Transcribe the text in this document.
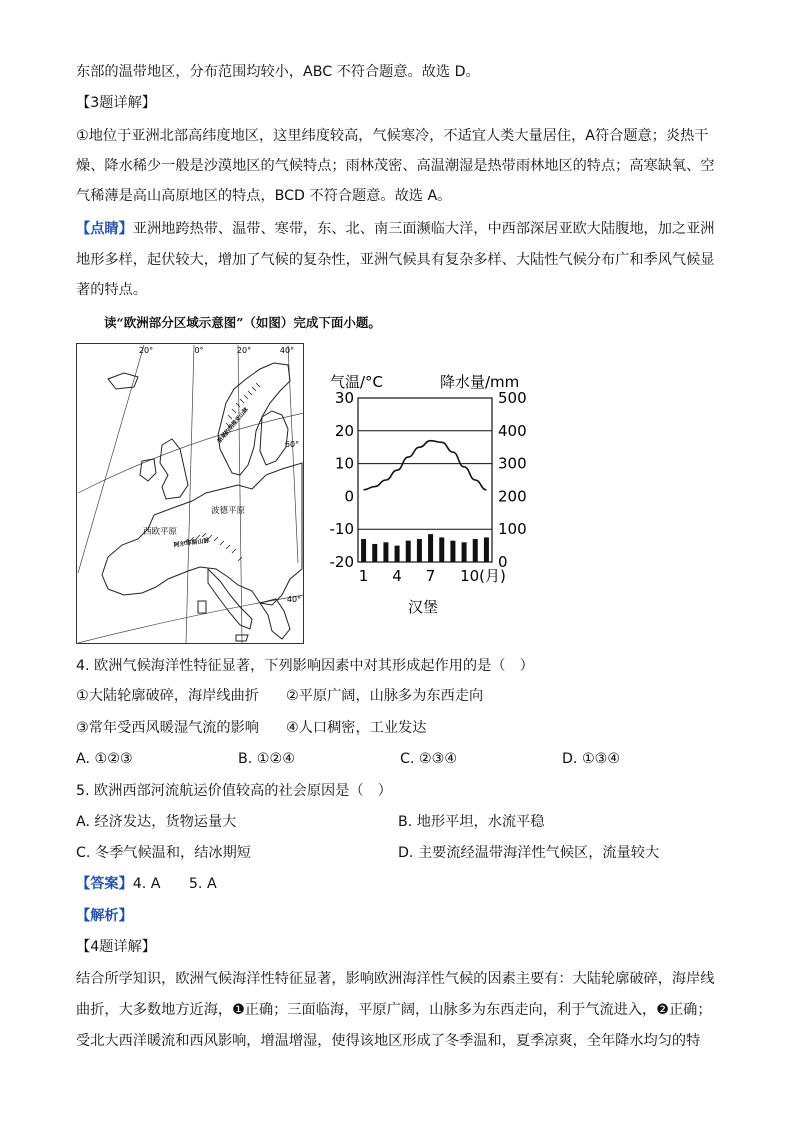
东部的温带地区，分布范围均较小，ABC 不符合题意。故选 D。
【3题详解】
①地位于亚洲北部高纬度地区，这里纬度较高，气候寒冷，不适宜人类大量居住，A符合题意；炎热干
燥、降水稀少一般是沙漠地区的气候特点；雨林茂密、高温潮湿是热带雨林地区的特点；高寒缺氧、空
气稀薄是高山高原地区的特点，BCD 不符合题意。故选 A。
【点睛】亚洲地跨热带、温带、寒带，东、北、南三面濒临大洋，中西部深居亚欧大陆腹地，加之亚洲
地形多样，起伏较大，增加了气候的复杂性，亚洲气候具有复杂多样、大陆性气候分布广和季风气候显
著的特点。
读“欧洲部分区域示意图”（如图）完成下面小题。
20°	0°	20°	40°
60°
40°
波德平原
西欧平原
阿尔卑斯山脉
斯堪的纳维亚山脉
气温/°C	降水量/mm
30
20
10
0
-10
-20
500
400
300
200
100
0
1 4 7 10(月)
汉堡
4. 欧洲气候海洋性特征显著，下列影响因素中对其形成起作用的是（　）
①大陆轮廓破碎，海岸线曲折 ②平原广阔，山脉多为东西走向
③常年受西风暖湿气流的影响 ④人口稠密，工业发达
A. ①②③	B. ①②④	C. ②③④	D. ①③④
5. 欧洲西部河流航运价值较高的社会原因是（　）
A. 经济发达，货物运量大	B. 地形平坦，水流平稳
C. 冬季气候温和，结冰期短	D. 主要流经温带海洋性气候区，流量较大
【答案】4. A　　5. A
【解析】
【4题详解】
结合所学知识，欧洲气候海洋性特征显著，影响欧洲海洋性气候的因素主要有：大陆轮廓破碎，海岸线
曲折，大多数地方近海，❶正确；三面临海，平原广阔，山脉多为东西走向，利于气流进入，❷正确；
受北大西洋暖流和西风影响，增温增湿，使得该地区形成了冬季温和，夏季凉爽，全年降水均匀的特
